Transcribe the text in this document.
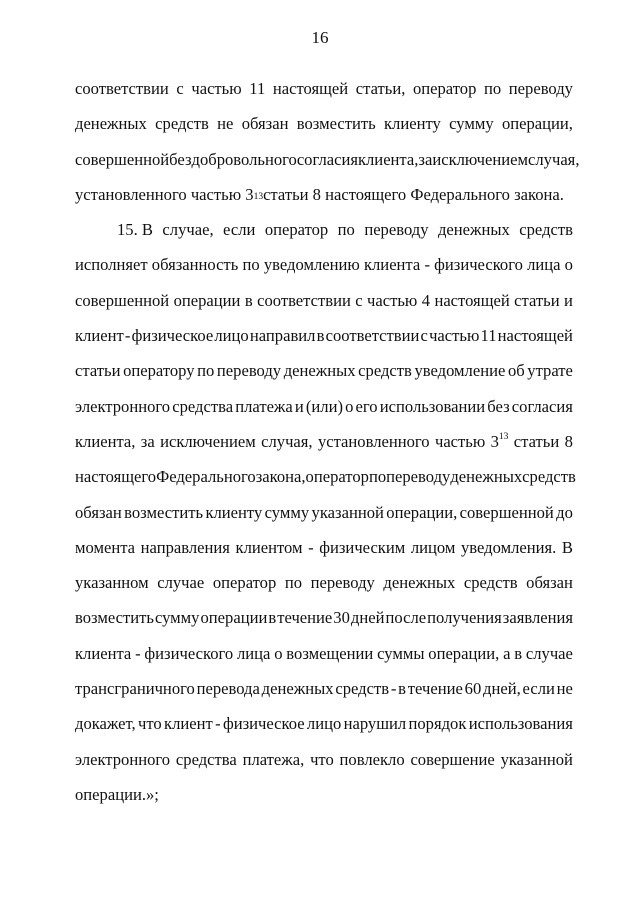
16
соответствии с частью 11 настоящей статьи, оператор по переводу
денежных средств не обязан возместить клиенту сумму операции,
совершенной без добровольного согласия клиента, за исключением случая,
установленного частью $3^{13}$ статьи 8 настоящего Федерального закона.
15. В случае, если оператор по переводу денежных средств
исполняет обязанность по уведомлению клиента - физического лица о
совершенной операции в соответствии с частью 4 настоящей статьи и
клиент - физическое лицо направил в соответствии с частью 11 настоящей
статьи оператору по переводу денежных средств уведомление об утрате
электронного средства платежа и (или) о его использовании без согласия
клиента, за исключением случая, установленного частью $3^{13}$ статьи 8
настоящего Федерального закона, оператор по переводу денежных средств
обязан возместить клиенту сумму указанной операции, совершенной до
момента направления клиентом - физическим лицом уведомления. В
указанном случае оператор по переводу денежных средств обязан
возместить сумму операции в течение 30 дней после получения заявления
клиента - физического лица о возмещении суммы операции, а в случае
трансграничного перевода денежных средств - в течение 60 дней, если не
докажет, что клиент - физическое лицо нарушил порядок использования
электронного средства платежа, что повлекло совершение указанной
операции.»;
